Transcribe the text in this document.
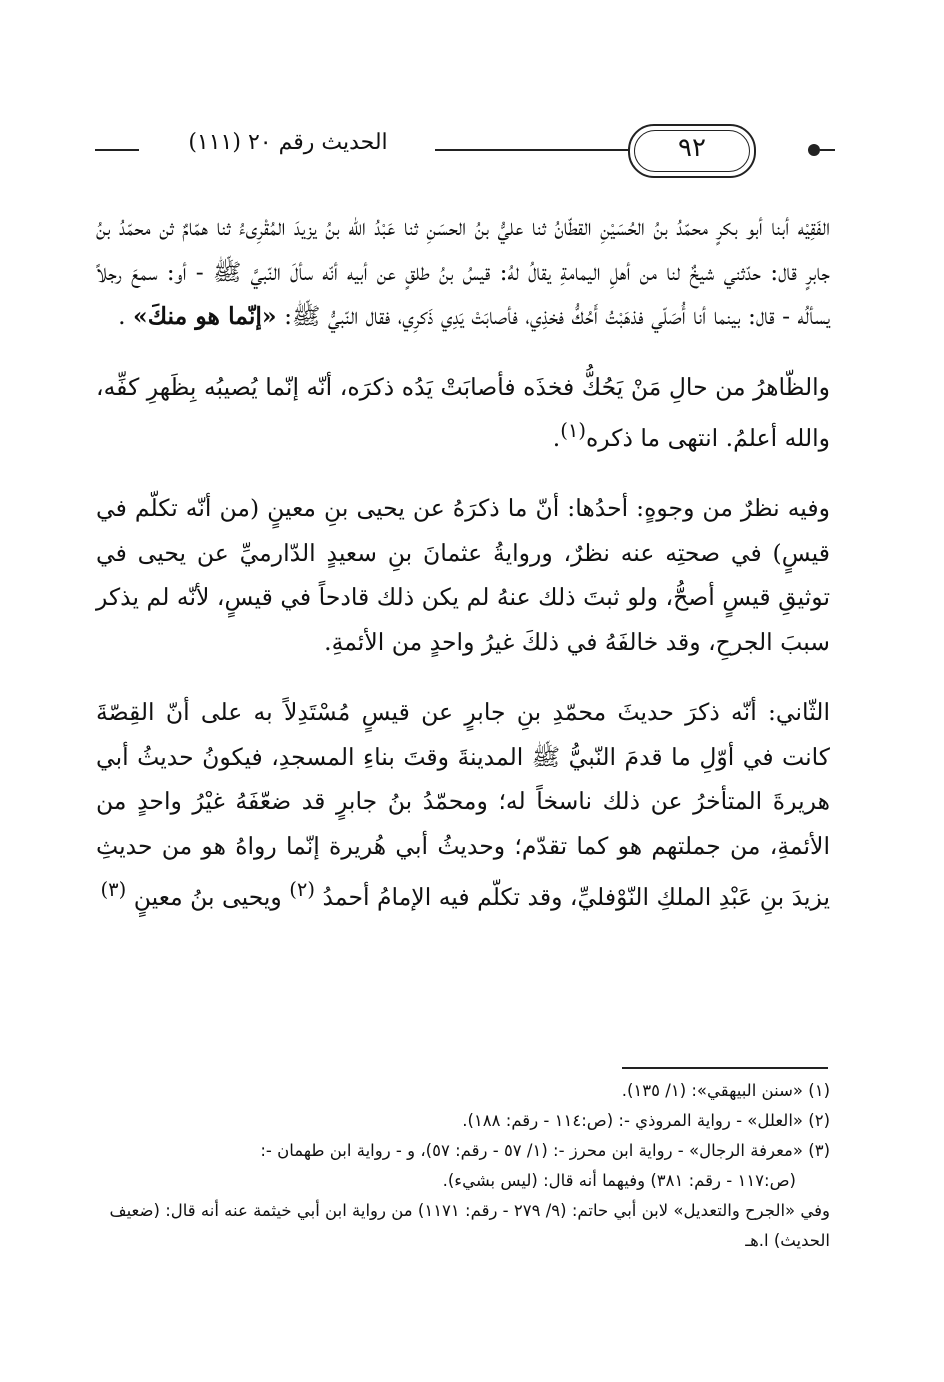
الحديث رقم ٢٠ (١١١)	٩٢

الفَقِيْه أبنا أبو بكرٍ محمّدُ بنُ الحُسَيْنِ القطّانُ ثنا عليُّ بنُ الحسَنِ ثنا عَبْدُ الله بنُ يزيدَ المُقْرِىءُ ثنا همّامٌ ثن محمّدُ بنُ جابرٍ قال: حدّثني شيخٌ لنا من أهلِ اليمامةِ يقالُ لهُ: قيسُ بنُ طلقٍ عن أبيه أنّه سألَ النّبيَّ ﷺ - أو: سمعَ رجلاً يسألُه - قال: بينما أنا أُصَلّي فذهَبْتُ أَحُكُّ فخذِي، فأصابَتْ يَدِي ذَكرِي، فقال النّبيُّ ﷺ: «إنّما هو منكَ» .

والظّاهرُ من حالِ مَنْ يَحُكُّ فخذَه فأصابَتْ يَدُه ذكرَه، أنّه إنّما يُصيبُه بِظَهرِ كفِّه، والله أعلمُ. انتهى ما ذكره$^{(١)}$.

وفيه نظرٌ من وجوهٍ: أحدُها: أنّ ما ذكرَهُ عن يحيى بنِ معينٍ (من أنّه تكلّم في قيسٍ) في صحتِه عنه نظرٌ، وروايةُ عثمانَ بنِ سعيدٍ الدّارميِّ عن يحيى في توثيقِ قيسٍ أصحُّ، ولو ثبتَ ذلك عنهُ لم يكن ذلك قادحاً في قيسٍ، لأنّه لم يذكر سببَ الجرحِ، وقد خالفَهُ في ذلكَ غيرُ واحدٍ من الأئمةِ.

الثّاني: أنّه ذكرَ حديثَ محمّدِ بنِ جابرٍ عن قيسٍ مُسْتَدِلاً به على أنّ القِصّةَ كانت في أوّلِ ما قدمَ النّبيُّ ﷺ المدينةَ وقتَ بناءِ المسجدِ، فيكونُ حديثُ أبي هريرةَ المتأخرُ عن ذلك ناسخاً له؛ ومحمّدُ بنُ جابرٍ قد ضعّفَهُ غيْرُ واحدٍ من الأئمةِ، من جملتهم هو كما تقدّم؛ وحديثُ أبي هُريرة إنّما رواهُ هو من حديثِ يزيدَ بنِ عَبْدِ الملكِ النّوْفليِّ، وقد تكلّم فيه الإمامُ أحمدُ $^{(٢)}$ ويحيى بنُ معينٍ $^{(٣)}$

(١) «سنن البيهقي»: (١/ ١٣٥).

(٢) «العلل» - رواية المروذي -: (ص:١١٤ - رقم: ١٨٨).

(٣) «معرفة الرجال» - رواية ابن محرز -: (١/ ٥٧ - رقم: ٥٧)، و - رواية ابن طهمان -:

(ص:١١٧ - رقم: ٣٨١) وفيهما أنه قال: (ليس بشيء).

وفي «الجرح والتعديل» لابن أبي حاتم: (٩/ ٢٧٩ - رقم: ١١٧١) من رواية ابن أبي خيثمة عنه أنه قال: (ضعيف الحديث) ا.هـ
